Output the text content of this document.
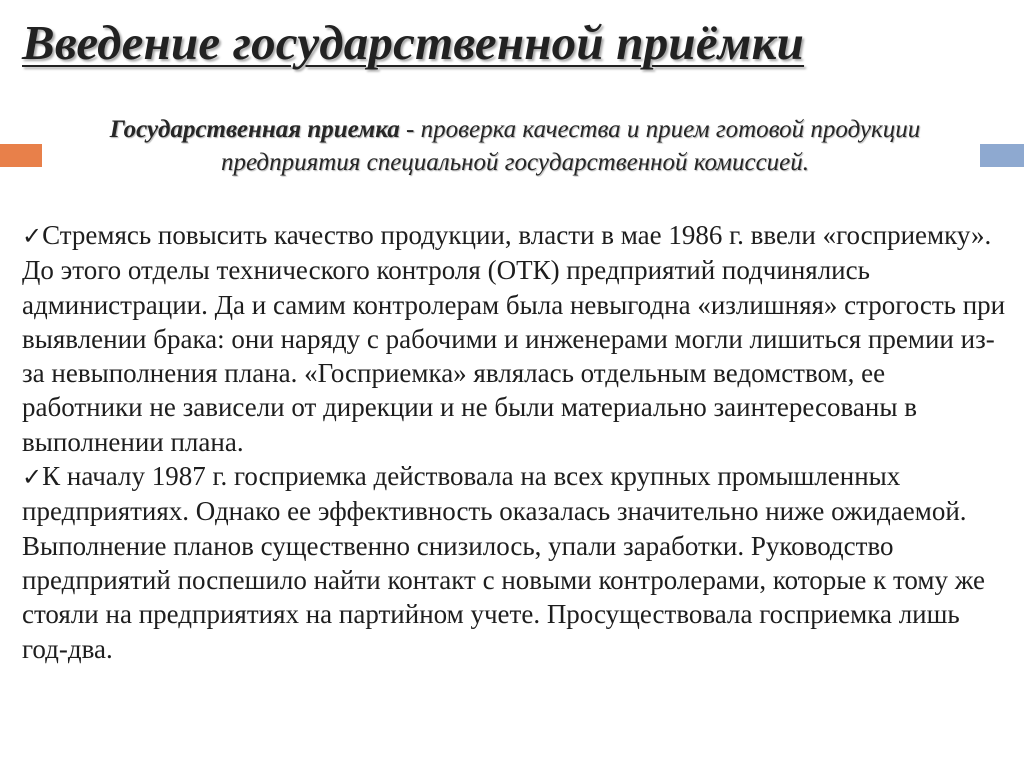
Введение государственной приёмки

Государственная приемка - проверка качества и прием готовой продукции предприятия специальной государственной комиссией.

✓Стремясь повысить качество продукции, власти в мае 1986 г. ввели «госприемку». До этого отделы технического контроля (ОТК) предприятий подчинялись администрации. Да и самим контролерам была невыгодна «излишняя» строгость при выявлении брака: они наряду с рабочими и инженерами могли лишиться премии из-за невыполнения плана. «Госприемка» являлась отдельным ведомством, ее работники не зависели от дирекции и не были материально заинтересованы в выполнении плана.

✓К началу 1987 г. госприемка действовала на всех крупных промышленных предприятиях. Однако ее эффективность оказалась значительно ниже ожидаемой. Выполнение планов существенно снизилось, упали заработки. Руководство предприятий поспешило найти контакт с новыми контролерами, которые к тому же стояли на предприятиях на партийном учете. Просуществовала госприемка лишь год-два.
